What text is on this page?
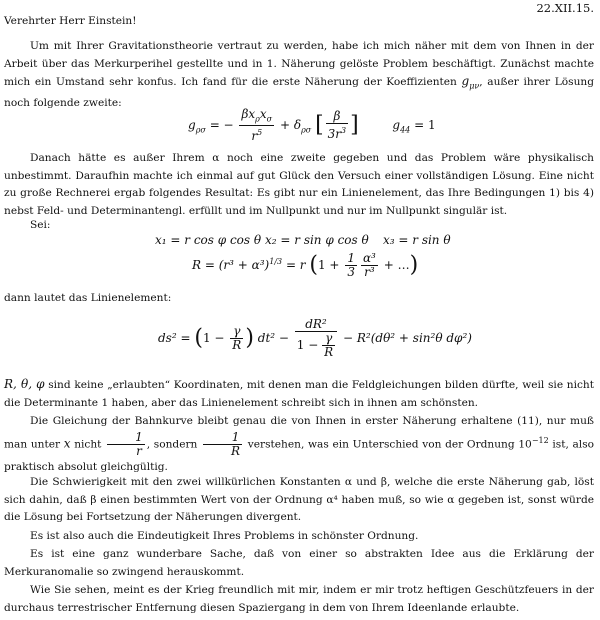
22.XII.15.
Verehrter Herr Einstein!

Um mit Ihrer Gravitationstheorie vertraut zu werden, habe ich mich näher mit dem von Ihnen in der Arbeit über das Merkurperihel gestellte und in 1. Näherung gelöste Problem beschäftigt. Zunächst machte mich ein Umstand sehr konfus. Ich fand für die erste Näherung der Koeffizienten $g_{\mu\nu}$, außer ihrer Lösung noch folgende zweite:

$g_{\rho\sigma}$ = − $\frac{\beta x_\rho x_\sigma}{r^5} + \delta_{\rho\sigma}$ [ $\frac{\beta}{3r^3}$ ]	$g_{44} = 1$

Danach hätte es außer Ihrem α noch eine zweite gegeben und das Problem wäre physikalisch unbestimmt. Daraufhin machte ich einmal auf gut Glück den Versuch einer vollständigen Lösung. Eine nicht zu große Rechnerei ergab folgendes Resultat: Es gibt nur ein Linienelement, das Ihre Bedingungen 1) bis 4) nebst Feld- und Determinantengl. erfüllt und im Nullpunkt und nur im Nullpunkt singulär ist.

Sei:
x₁ = r cos φ cos θ x₂ = r sin φ cos θ x₃ = r sin θ
$R = (r^3 + \alpha^3)^{1/3} = r$ ($1 + \frac{1}{3} \frac{\text{α³}}{\text{r³}}$ + …)
dann lautet das Linienelement:
$ds^2 = (1 - \frac{\gamma}{R}$ ) $dt^2 - \frac{\text{dR²}}{1 - \frac{\gamma}{R}} - R^2(d\theta^2 + \sin^2\theta$ dφ²)

R, θ, φ sind keine „erlaubten“ Koordinaten, mit denen man die Feldgleichungen bilden dürfte, weil sie nicht die Determinante 1 haben, aber das Linienelement schreibt sich in ihnen am schönsten.

Die Gleichung der Bahnkurve bleibt genau die von Ihnen in erster Näherung erhaltene (11), nur muß man unter x nicht $\frac{1}{r}$ , sondern $\frac{1}{R}$ verstehen, was ein Unterschied von der Ordnung $10^{-12}$ ist, also praktisch absolut gleichgültig.

Die Schwierigkeit mit den zwei willkürlichen Konstanten α und β, welche die erste Näherung gab, löst sich dahin, daß β einen bestimmten Wert von der Ordnung α⁴ haben muß, so wie α gegeben ist, sonst würde die Lösung bei Fortsetzung der Näherungen divergent.

Es ist also auch die Eindeutigkeit Ihres Problems in schönster Ordnung.

Es ist eine ganz wunderbare Sache, daß von einer so abstrakten Idee aus die Erklärung der Merkuranomalie so zwingend herauskommt.

Wie Sie sehen, meint es der Krieg freundlich mit mir, indem er mir trotz heftigen Geschützfeuers in der durchaus terrestrischer Entfernung diesen Spaziergang in dem von Ihrem Ideenlande erlaubte.
